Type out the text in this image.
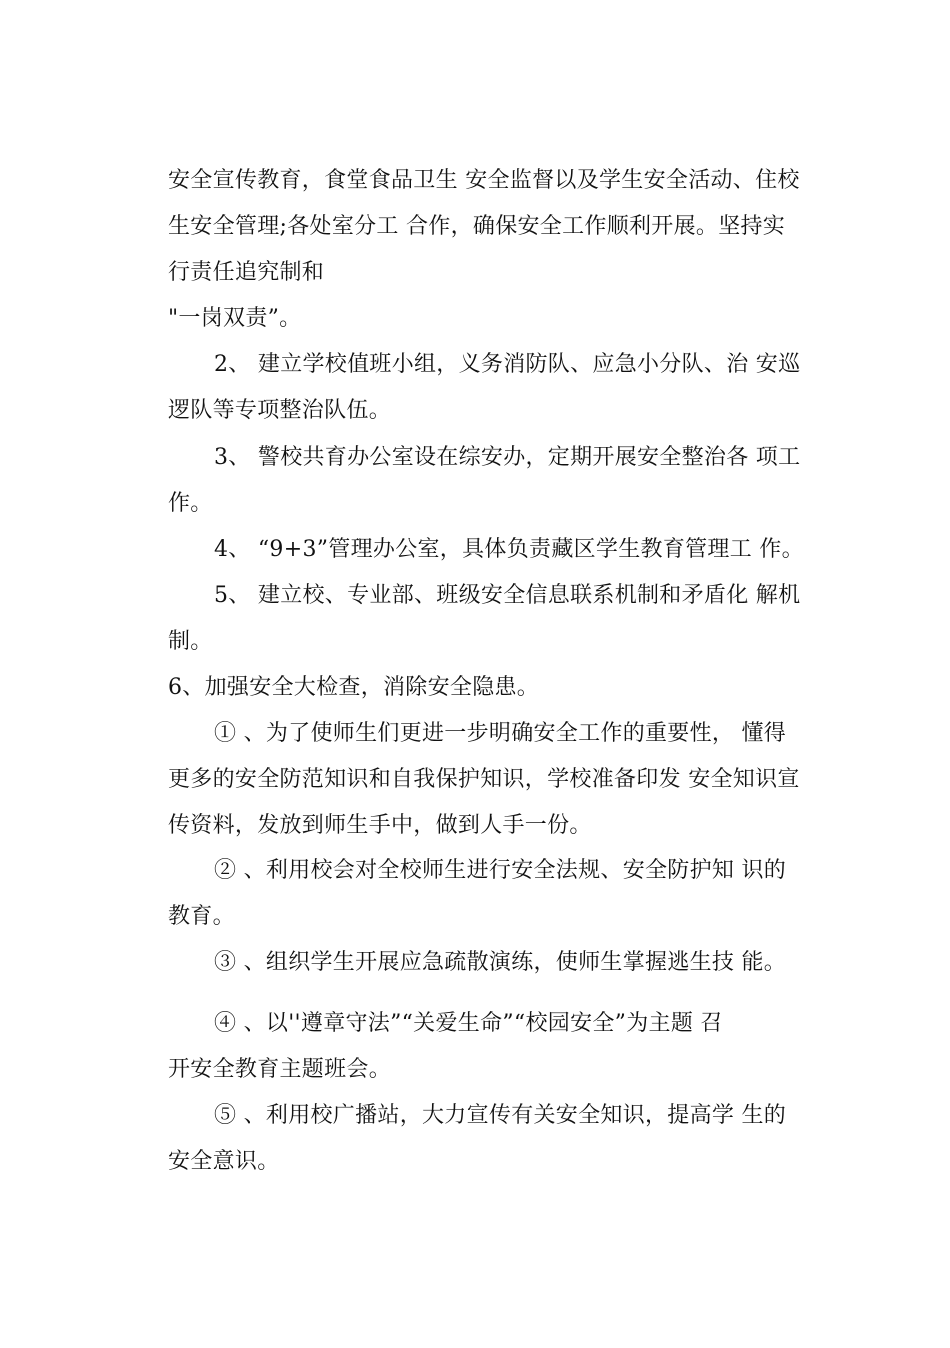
安全宣传教育，食堂食品卫生 安全监督以及学生安全活动、住校
生安全管理;各处室分工 合作，确保安全工作顺利开展。坚持实
行责任追究制和
"一岗双责”。
2、 建立学校值班小组，义务消防队、应急小分队、治 安巡
逻队等专项整治队伍。
3、 警校共育办公室设在综安办，定期开展安全整治各 项工
作。
4、 “9+3”管理办公室，具体负责藏区学生教育管理工 作。
5、 建立校、专业部、班级安全信息联系机制和矛盾化 解机
制。
6、加强安全大检查，消除安全隐患。
① 、为了使师生们更进一步明确安全工作的重要性， 懂得
更多的安全防范知识和自我保护知识，学校准备印发 安全知识宣
传资料，发放到师生手中，做到人手一份。
② 、利用校会对全校师生进行安全法规、安全防护知 识的
教育。
③ 、组织学生开展应急疏散演练，使师生掌握逃生技 能。
④ 、以''遵章守法”“关爱生命”“校园安全”为主题 召
开安全教育主题班会。
⑤ 、利用校广播站，大力宣传有关安全知识，提高学 生的
安全意识。
